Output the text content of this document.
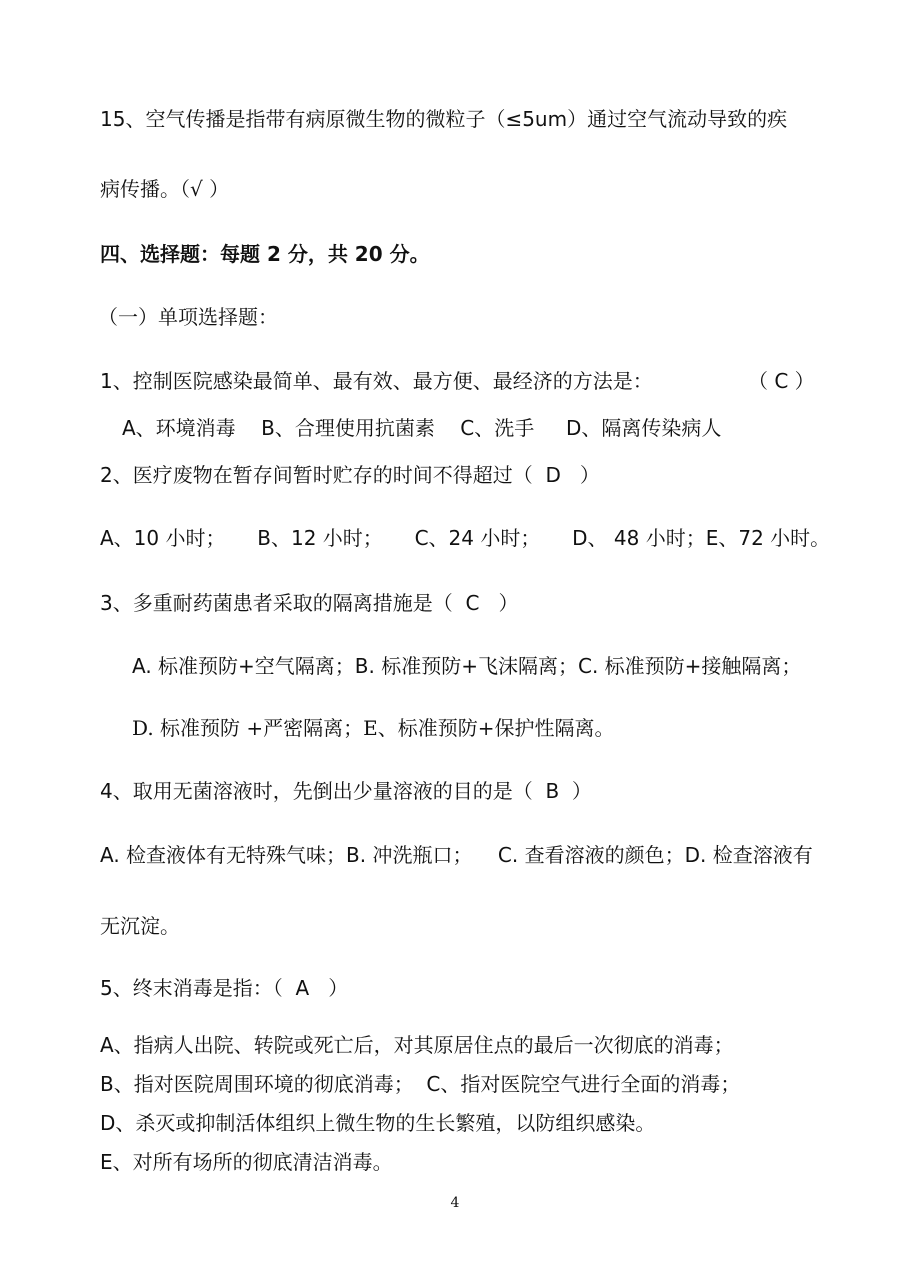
15、空气传播是指带有病原微生物的微粒子（≤5um）通过空气流动导致的疾
病传播。（√ ）
四、选择题：每题 2 分，共 20 分。
（一）单项选择题：
1、控制医院感染最简单、最有效、最方便、最经济的方法是：	（ C ）
A、环境消毒    B、合理使用抗菌素    C、洗手     D、隔离传染病人
2、医疗废物在暂存间暂时贮存的时间不得超过（  D   ）
A、10 小时；     B、12 小时；     C、24 小时；     D、 48 小时；E、72 小时。
3、多重耐药菌患者采取的隔离措施是（  C   ）
A. 标准预防+空气隔离；B. 标准预防+飞沫隔离；C. 标准预防+接触隔离；
D. 标准预防 +严密隔离；E、标准预防+保护性隔离。
4、取用无菌溶液时，先倒出少量溶液的目的是（  B  ）
A. 检查液体有无特殊气味；B. 冲洗瓶口；    C. 查看溶液的颜色；D. 检查溶液有
无沉淀。
5、终末消毒是指：（  A   ）
A、指病人出院、转院或死亡后，对其原居住点的最后一次彻底的消毒；
B、指对医院周围环境的彻底消毒；  C、指对医院空气进行全面的消毒；
D、杀灭或抑制活体组织上微生物的生长繁殖，以防组织感染。
E、对所有场所的彻底清洁消毒。
4
